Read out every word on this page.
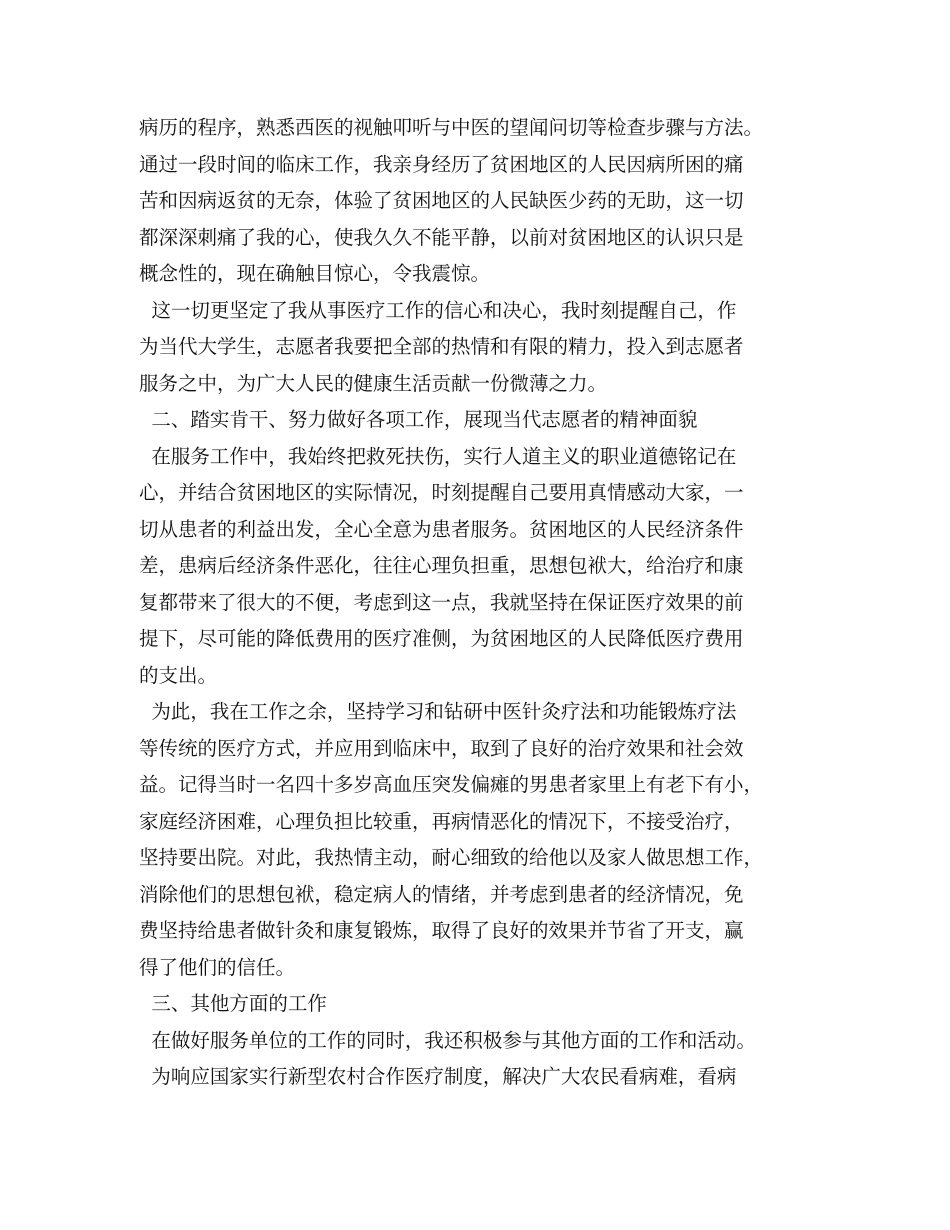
病历的程序，熟悉西医的视触叩听与中医的望闻问切等检查步骤与方法。
通过一段时间的临床工作，我亲身经历了贫困地区的人民因病所困的痛
苦和因病返贫的无奈，体验了贫困地区的人民缺医少药的无助，这一切
都深深刺痛了我的心，使我久久不能平静，以前对贫困地区的认识只是
概念性的，现在确触目惊心，令我震惊。
这一切更坚定了我从事医疗工作的信心和决心，我时刻提醒自己，作
为当代大学生，志愿者我要把全部的热情和有限的精力，投入到志愿者
服务之中，为广大人民的健康生活贡献一份微薄之力。
二、踏实肯干、努力做好各项工作，展现当代志愿者的精神面貌
在服务工作中，我始终把救死扶伤，实行人道主义的职业道德铭记在
心，并结合贫困地区的实际情况，时刻提醒自己要用真情感动大家，一
切从患者的利益出发，全心全意为患者服务。贫困地区的人民经济条件
差，患病后经济条件恶化，往往心理负担重，思想包袱大，给治疗和康
复都带来了很大的不便，考虑到这一点，我就坚持在保证医疗效果的前
提下，尽可能的降低费用的医疗准侧，为贫困地区的人民降低医疗费用
的支出。
为此，我在工作之余，坚持学习和钻研中医针灸疗法和功能锻炼疗法
等传统的医疗方式，并应用到临床中，取到了良好的治疗效果和社会效
益。记得当时一名四十多岁高血压突发偏瘫的男患者家里上有老下有小，
家庭经济困难，心理负担比较重，再病情恶化的情况下，不接受治疗，
坚持要出院。对此，我热情主动，耐心细致的给他以及家人做思想工作，
消除他们的思想包袱，稳定病人的情绪，并考虑到患者的经济情况，免
费坚持给患者做针灸和康复锻炼，取得了良好的效果并节省了开支，赢
得了他们的信任。
三、其他方面的工作
在做好服务单位的工作的同时，我还积极参与其他方面的工作和活动。
为响应国家实行新型农村合作医疗制度，解决广大农民看病难，看病
